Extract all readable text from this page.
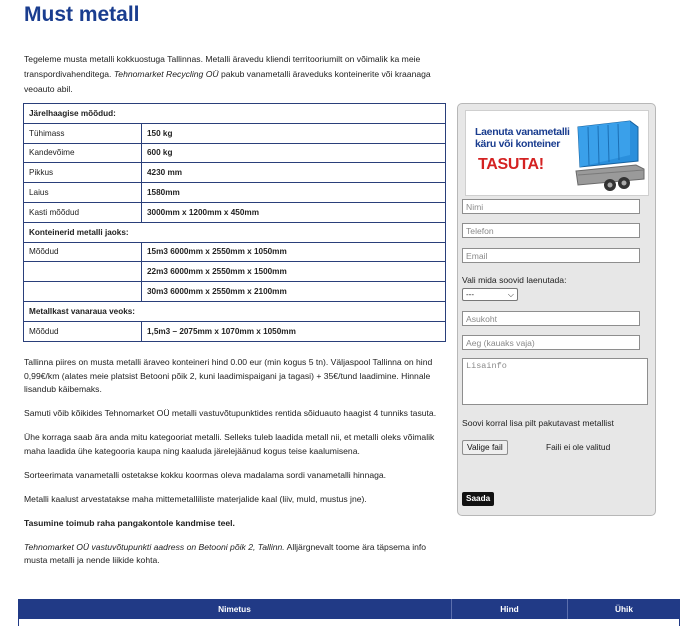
Must metall
Tegeleme musta metalli kokkuostuga Tallinnas. Metalli äravedu kliendi territooriumilt on võimalik ka meie transpordivahenditega. Tehnomarket Recycling OÜ pakub vanametalli äraveduks konteinerite või kraanaga veoauto abil.
Järelhaagise mõõdud:	
Tühimass	150 kg
Kandevõime	600 kg
Pikkus	4230 mm
Laius	1580mm
Kasti mõõdud	3000mm x 1200mm x 450mm
Konteinerid metalli jaoks:	
Mõõdud	15m3 6000mm x 2550mm x 1050mm
	22m3 6000mm x 2550mm x 1500mm
	30m3 6000mm x 2550mm x 2100mm
Metallkast vanaraua veoks:	
Mõõdud	1,5m3 – 2075mm x 1070mm x 1050mm

Tallinna piires on musta metalli äraveo konteineri hind 0.00 eur (min kogus 5 tn). Väljaspool Tallinna on hind 0,99€/km (alates meie platsist Betooni põik 2, kuni laadimispaigani ja tagasi) + 35€/tund laadimine. Hinnale lisandub käibemaks.

Samuti võib kõikides Tehnomarket OÜ metalli vastuvõtupunktides rentida sõiduauto haagist 4 tunniks tasuta.

Ühe korraga saab ära anda mitu kategooriat metalli. Selleks tuleb laadida metall nii, et metalli oleks võimalik maha laadida ühe kategooria kaupa ning kaaluda järelejäänud kogus teise kaalumisena.

Sorteerimata vanametalli ostetakse kokku koormas oleva madalama sordi vanametalli hinnaga.

Metalli kaalust arvestatakse maha mittemetalliliste materjalide kaal (liiv, muld, mustus jne).

Tasumine toimub raha pangakontole kandmise teel.

Tehnomarket OÜ vastuvõtupunkti aadress on Betooni põik 2, Tallinn. Alljärgnevalt toome ära täpsema info musta metalli ja nende liikide kohta.

Laenuta vanametalli
käru või konteiner
TASUTA!
Nimi
Telefon
Email
Vali mida soovid laenutada:
---	⌵
Asukoht
Aeg (kauaks vaja)
Lisainfo
Soovi korral lisa pilt pakutavast metallist
Valige fail	Faili ei ole valitud
Saada
Nimetus	Hind	Ühik
